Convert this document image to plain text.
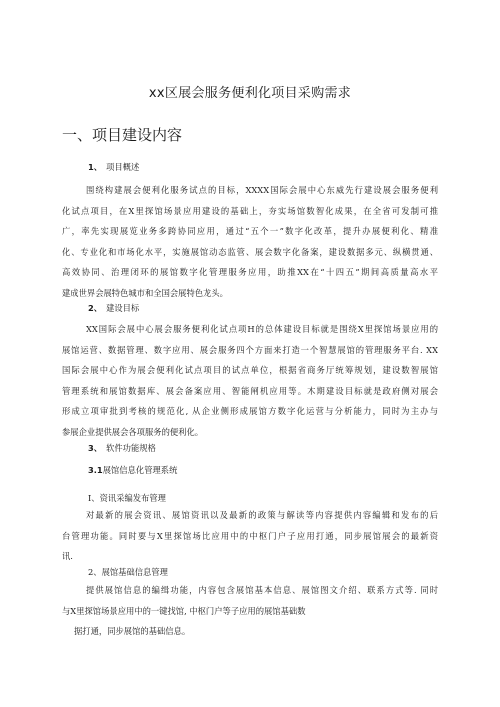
xx区展会服务便利化项目采购需求
一、项目建设内容
1、 项目概述
围绕构建展会便利化服务试点的目标，XXXX国际会展中心东威先行建设展会服务便利
化试点项目，在X里探馆场景应用建设的基础上，夯实场馆数智化成果，在全省可发制可推
广，率先实现展览业务多跨协同应用，通过“五个一”数字化改革，提升办展便利化、精准
化、专业化和市场化水平，实施展馆动态监管、展会数字化备案，建设数据多元、纵横贯通、
高效协同、治理闭环的展馆数字化管理服务应用，助推XX在“十四五”期间高质量高水平
建成世界会展特色城市和全国会展特色龙头。
2、 建设目标
XX国际会展中心展会服务便利化试点项H的总体建设目标就是围绕X里探馆场景应用的
展馆运营、数据管理、数字应用、展会服务四个方面来打造一个智慧展馆的管理服务平台. XX
国际会展中心作为展会便利化试点项目的试点单位，根据省商务厅统筹规划，建设数智展馆
管理系统和展馆数据库、展会备案应用、智能闸机应用等。木期建设目标就是政府侧对展会
形成立项审批到考核的规范化, 从企业侧形成展馆方数字化运营与分析能力，同时为主办与
参展企业提供展会各项服务的便利化。
3、 软件功能规格
3.1展馆信息化管理系统
I、资讯采编发布管理
对最新的展会资讯、展馆资讯以及最新的政策与解读等内容提供内容编辑和发布的后
台管理功能。同时要与X里探馆场比应用中的中枢门户子应用打通，同步展馆展会的最新资
讯.
2、展馆基础信息管理
提供展馆信息的编缉功能，内容包含展馆基本信息、展馆图文介绍、联系方式等. 同时
与X里探馆场景应用中的一键找馆, 中枢门户等子应用的展馆基础数
据打通，同步展馆的基础信息。
